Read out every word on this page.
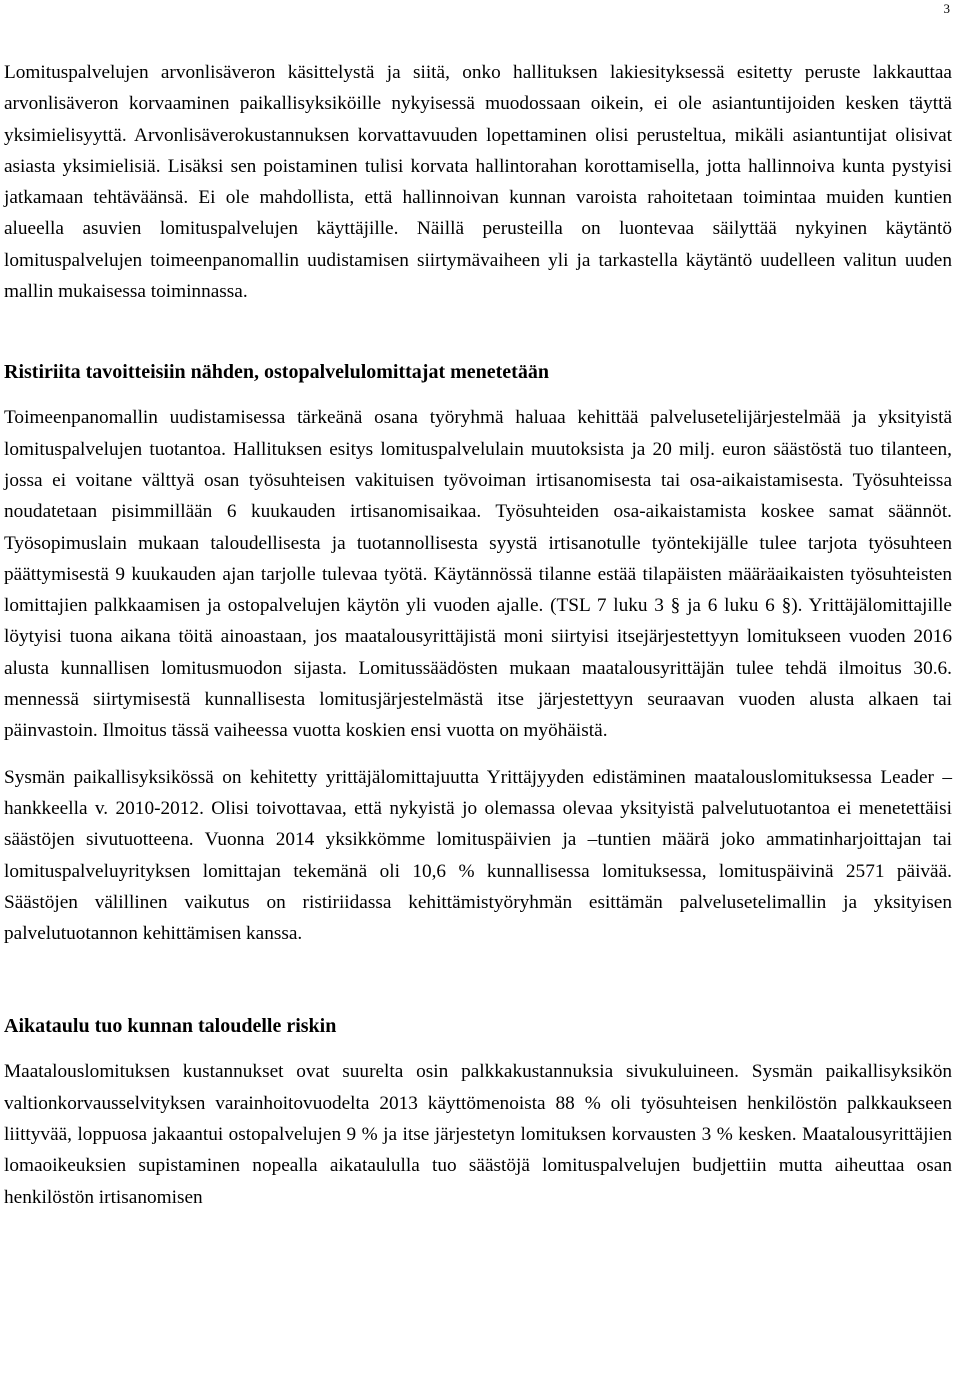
3

Lomituspalvelujen arvonlisäveron käsittelystä ja siitä, onko hallituksen lakiesityksessä esitetty peruste lakkauttaa arvonlisäveron korvaaminen paikallisyksiköille nykyisessä muodossaan oikein, ei ole asiantuntijoiden kesken täyttä yksimielisyyttä. Arvonlisäverokustannuksen korvattavuuden lopettaminen olisi perusteltua, mikäli asiantuntijat olisivat asiasta yksimielisiä. Lisäksi sen poistaminen tulisi korvata hallintorahan korottamisella, jotta hallinnoiva kunta pystyisi jatkamaan tehtäväänsä. Ei ole mahdollista, että hallinnoivan kunnan varoista rahoitetaan toimintaa muiden kuntien alueella asuvien lomituspalvelujen käyttäjille. Näillä perusteilla on luontevaa säilyttää nykyinen käytäntö lomituspalvelujen toimeenpanomallin uudistamisen siirtymävaiheen yli ja tarkastella käytäntö uudelleen valitun uuden mallin mukaisessa toiminnassa.

Ristiriita tavoitteisiin nähden, ostopalvelulomittajat menetetään

Toimeenpanomallin uudistamisessa tärkeänä osana työryhmä haluaa kehittää palvelusetelijärjestelmää ja yksityistä lomituspalvelujen tuotantoa. Hallituksen esitys lomituspalvelulain muutoksista ja 20 milj. euron säästöstä tuo tilanteen, jossa ei voitane välttyä osan työsuhteisen vakituisen työvoiman irtisanomisesta tai osa-aikaistamisesta. Työsuhteissa noudatetaan pisimmillään 6 kuukauden irtisanomisaikaa. Työsuhteiden osa-aikaistamista koskee samat säännöt. Työsopimuslain mukaan taloudellisesta ja tuotannollisesta syystä irtisanotulle työntekijälle tulee tarjota työsuhteen päättymisestä 9 kuukauden ajan tarjolle tulevaa työtä. Käytännössä tilanne estää tilapäisten määräaikaisten työsuhteisten lomittajien palkkaamisen ja ostopalvelujen käytön yli vuoden ajalle. (TSL 7 luku 3 § ja 6 luku 6 §). Yrittäjälomittajille löytyisi tuona aikana töitä ainoastaan, jos maatalousyrittäjistä moni siirtyisi itsejärjestettyyn lomitukseen vuoden 2016 alusta kunnallisen lomitusmuodon sijasta. Lomitussäädösten mukaan maatalousyrittäjän tulee tehdä ilmoitus 30.6. mennessä siirtymisestä kunnallisesta lomitusjärjestelmästä itse järjestettyyn seuraavan vuoden alusta alkaen tai päinvastoin. Ilmoitus tässä vaiheessa vuotta koskien ensi vuotta on myöhäistä.

Sysmän paikallisyksikössä on kehitetty yrittäjälomittajuutta Yrittäjyyden edistäminen maatalouslomituksessa Leader –hankkeella v. 2010-2012. Olisi toivottavaa, että nykyistä jo olemassa olevaa yksityistä palvelutuotantoa ei menetettäisi säästöjen sivutuotteena. Vuonna 2014 yksikkömme lomituspäivien ja –tuntien määrä joko ammatinharjoittajan tai lomituspalveluyrityksen lomittajan tekemänä oli 10,6 % kunnallisessa lomituksessa, lomituspäivinä 2571 päivää. Säästöjen välillinen vaikutus on ristiriidassa kehittämistyöryhmän esittämän palvelusetelimallin ja yksityisen palvelutuotannon kehittämisen kanssa.

Aikataulu tuo kunnan taloudelle riskin

Maatalouslomituksen kustannukset ovat suurelta osin palkkakustannuksia sivukuluineen. Sysmän paikallisyksikön valtionkorvausselvityksen varainhoitovuodelta 2013 käyttömenoista 88 % oli työsuhteisen henkilöstön palkkaukseen liittyvää, loppuosa jakaantui ostopalvelujen 9 % ja itse järjestetyn lomituksen korvausten 3 % kesken. Maatalousyrittäjien lomaoikeuksien supistaminen nopealla aikataululla tuo säästöjä lomituspalvelujen budjettiin mutta aiheuttaa osan henkilöstön irtisanomisen
